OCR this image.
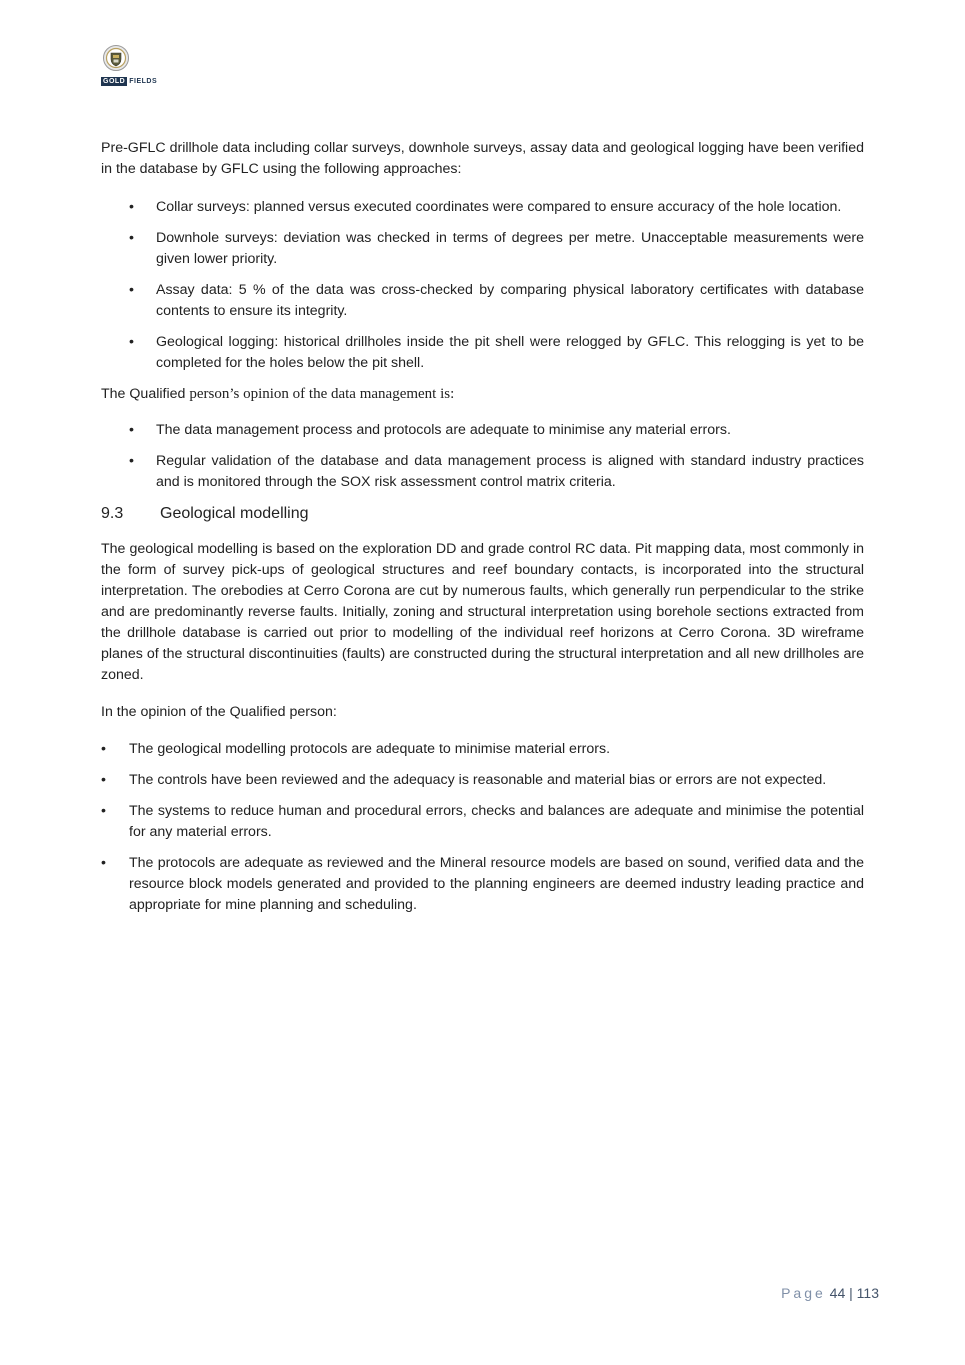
GOLD FIELDS

Pre-GFLC drillhole data including collar surveys, downhole surveys, assay data and geological logging have been verified in the database by GFLC using the following approaches:

• Collar surveys: planned versus executed coordinates were compared to ensure accuracy of the hole location.
• Downhole surveys: deviation was checked in terms of degrees per metre. Unacceptable measurements were given lower priority.
• Assay data: 5 % of the data was cross-checked by comparing physical laboratory certificates with database contents to ensure its integrity.
• Geological logging: historical drillholes inside the pit shell were relogged by GFLC. This relogging is yet to be completed for the holes below the pit shell.

The Qualified person’s opinion of the data management is:

• The data management process and protocols are adequate to minimise any material errors.
• Regular validation of the database and data management process is aligned with standard industry practices and is monitored through the SOX risk assessment control matrix criteria.
9.3 Geological modelling

The geological modelling is based on the exploration DD and grade control RC data. Pit mapping data, most commonly in the form of survey pick-ups of geological structures and reef boundary contacts, is incorporated into the structural interpretation. The orebodies at Cerro Corona are cut by numerous faults, which generally run perpendicular to the strike and are predominantly reverse faults. Initially, zoning and structural interpretation using borehole sections extracted from the drillhole database is carried out prior to modelling of the individual reef horizons at Cerro Corona. 3D wireframe planes of the structural discontinuities (faults) are constructed during the structural interpretation and all new drillholes are zoned.

In the opinion of the Qualified person:

• The geological modelling protocols are adequate to minimise material errors.
• The controls have been reviewed and the adequacy is reasonable and material bias or errors are not expected.
• The systems to reduce human and procedural errors, checks and balances are adequate and minimise the potential for any material errors.
• The protocols are adequate as reviewed and the Mineral resource models are based on sound, verified data and the resource block models generated and provided to the planning engineers are deemed industry leading practice and appropriate for mine planning and scheduling.
Page 44 | 113
